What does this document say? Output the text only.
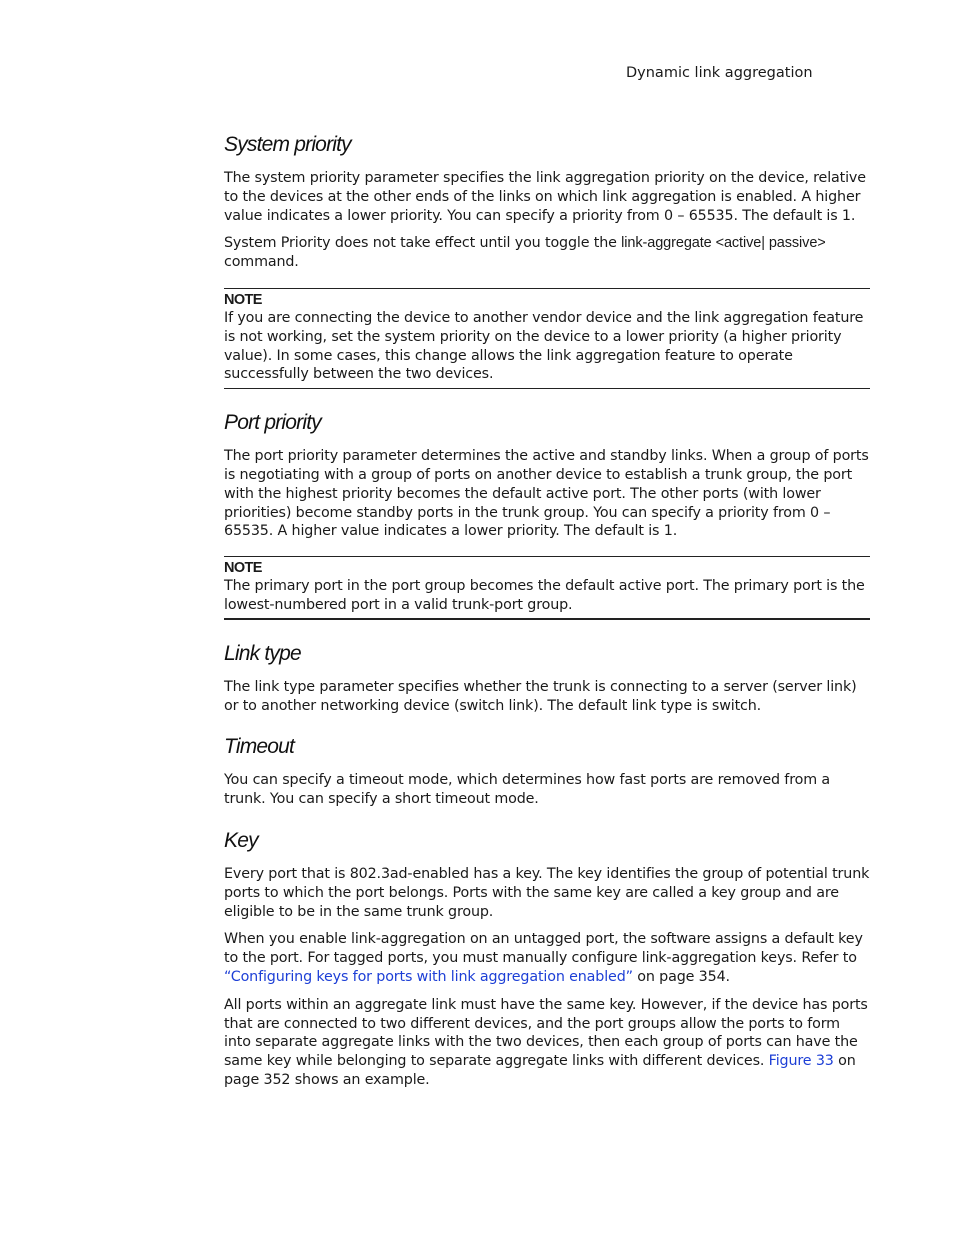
Dynamic link aggregation
System priority

The system priority parameter specifies the link aggregation priority on the device, relative to the devices at the other ends of the links on which link aggregation is enabled. A higher value indicates a lower priority. You can specify a priority from 0 – 65535. The default is 1.

System Priority does not take effect until you toggle the link-aggregate <active| passive> command.

NOTE

If you are connecting the device to another vendor device and the link aggregation feature is not working, set the system priority on the device to a lower priority (a higher priority value). In some cases, this change allows the link aggregation feature to operate successfully between the two devices.

Port priority

The port priority parameter determines the active and standby links. When a group of ports is negotiating with a group of ports on another device to establish a trunk group, the port with the highest priority becomes the default active port. The other ports (with lower priorities) become standby ports in the trunk group. You can specify a priority from 0 – 65535. A higher value indicates a lower priority. The default is 1.

NOTE

The primary port in the port group becomes the default active port. The primary port is the lowest-numbered port in a valid trunk-port group.

Link type

The link type parameter specifies whether the trunk is connecting to a server (server link) or to another networking device (switch link). The default link type is switch.

Timeout

You can specify a timeout mode, which determines how fast ports are removed from a trunk. You can specify a short timeout mode.

Key

Every port that is 802.3ad-enabled has a key. The key identifies the group of potential trunk ports to which the port belongs. Ports with the same key are called a key group and are eligible to be in the same trunk group.

When you enable link-aggregation on an untagged port, the software assigns a default key to the port. For tagged ports, you must manually configure link-aggregation keys. Refer to “Configuring keys for ports with link aggregation enabled” on page 354.

All ports within an aggregate link must have the same key. However, if the device has ports that are connected to two different devices, and the port groups allow the ports to form into separate aggregate links with the two devices, then each group of ports can have the same key while belonging to separate aggregate links with different devices. Figure 33 on page 352 shows an example.
